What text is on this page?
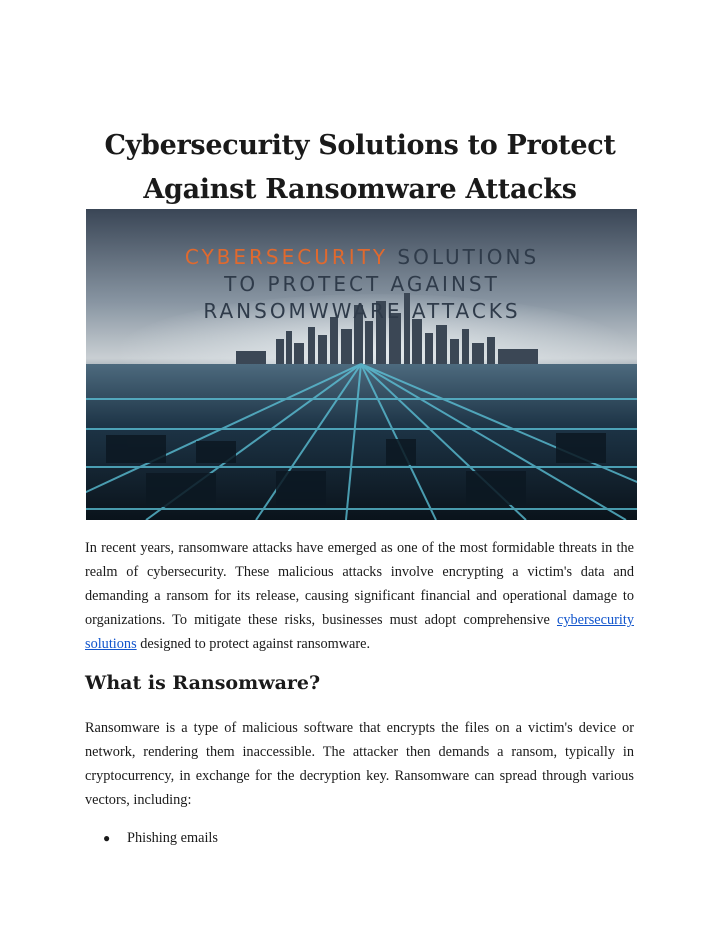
Cybersecurity Solutions to Protect
Against Ransomware Attacks
CYBERSECURITY SOLUTIONS
TO PROTECT AGAINST
RANSOMWWARE ATTACKS

In recent years, ransomware attacks have emerged as one of the most formidable threats in the realm of cybersecurity. These malicious attacks involve encrypting a victim's data and demanding a ransom for its release, causing significant financial and operational damage to organizations. To mitigate these risks, businesses must adopt comprehensive cybersecurity solutions designed to protect against ransomware.

What is Ransomware?

Ransomware is a type of malicious software that encrypts the files on a victim's device or network, rendering them inaccessible. The attacker then demands a ransom, typically in cryptocurrency, in exchange for the decryption key. Ransomware can spread through various vectors, including:

●	Phishing emails
